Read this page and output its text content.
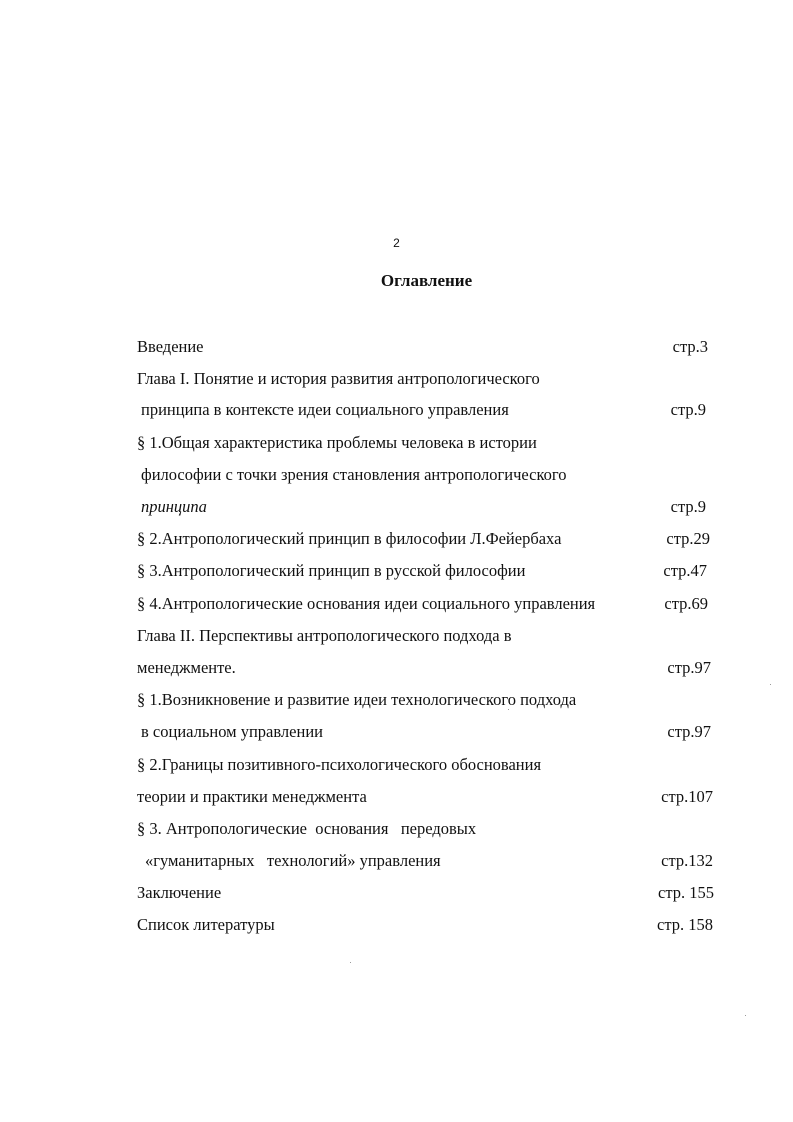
2
Оглавление
Введение	стр.3
Глава I. Понятие и история развития антропологического
принципа в контексте идеи социального управления	стр.9
§ 1.Общая характеристика проблемы человека в истории
философии с точки зрения становления антропологического
принципа	стр.9
§ 2.Антропологический принцип в философии Л.Фейербаха	стр.29
§ 3.Антропологический принцип в русской философии	стр.47
§ 4.Антропологические основания идеи социального управления	стр.69
Глава II. Перспективы антропологического подхода в
менеджменте.	стр.97
§ 1.Возникновение и развитие идеи технологического подхода
в социальном управлении	стр.97
§ 2.Границы позитивного-психологического обоснования
теории и практики менеджмента	стр.107
§ 3. Антропологические  основания   передовых
«гуманитарных   технологий» управления	стр.132
Заключение	стр. 155
Список литературы	стр. 158
